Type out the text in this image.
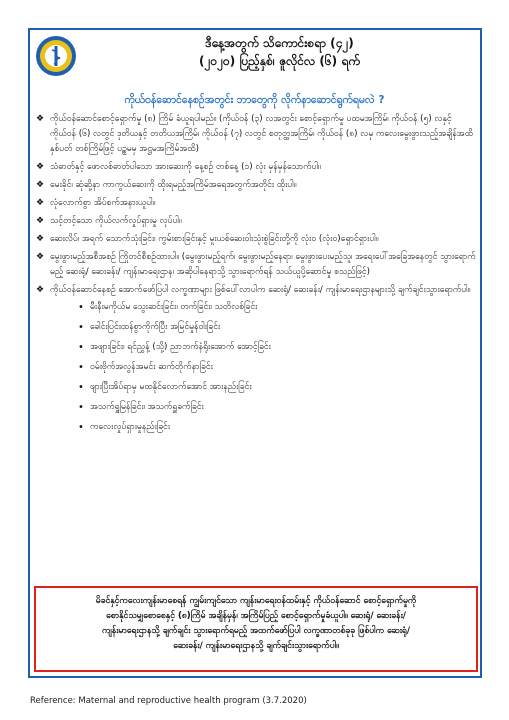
ဒီနေ့အတွက် သိကောင်းစရာ (၄၂)
(၂၀၂၀) ပြည့်နှစ်၊ ဇူလိုင်လ (၆) ရက်
ကိုယ်ဝန်ဆောင်နေစဉ်အတွင်း ဘာတွေကို လိုက်နာဆောင်ရွက်ရမလဲ ?
❖ ကိုယ်ဝန်ဆောင်စောင့်ရှောက်မှု (၈) ကြိမ် ခံယူရပါမည်။ (ကိုယ်ဝန် (၃) လအတွင်း စောင့်ရှောက်မှု ပထမအကြိမ်၊ ကိုယ်ဝန် (၅) လနှင့် ကိုယ်ဝန် (၆) လတွင် ဒုတိယနှင့် တတိယအကြိမ်၊ ကိုယ်ဝန် (၇) လတွင် စတုတ္ထအကြိမ်၊ ကိုယ်ဝန် (၈) လမှ ကလေးမွေးဖွားသည့်အချိန်အထိ နှစ်ပတ် တစ်ကြိမ်ဖြင့် ပဉ္စမမှ အဋ္ဌမအကြိမ်အထိ)
❖ သံဓာတ်နှင့် ဖောလစ်ဓာတ်ပါသော အားဆေးကို နေ့စဉ် တစ်နေ့ (၁) လုံး မှန်မှန်သောက်ပါ။
❖ မေးခိုင်၊ ဆုံဆို့နာ ကာကွယ်ဆေးကို ထိုးရမည့်အကြိမ်အရေအတွက်အတိုင်း ထိုးပါ။
❖ လုံလောက်စွာ အိပ်စက်အနားယူပါ။
❖ သင့်တင့်သော ကိုယ်လက်လှုပ်ရှားမှု လုပ်ပါ။
❖ ဆေးလိပ်၊ အရက် သောက်သုံးခြင်း၊ ကွမ်းစားခြင်းနှင့် မူးယစ်ဆေးဝါးသုံးစွဲခြင်းတို့ကို လုံးဝ (လုံးဝ)ရှောင်ရှားပါ။
❖ မွေးဖွားမည့်အစီအစဉ် ကြိုတင်စီစဉ်ထားပါ။ (မွေးဖွားမည့်ရက်၊ မွေးဖွားမည့်နေရာ၊ မွေးဖွားပေးမည့်သူ၊ အရေးပေါ်အခြေအနေတွင် သွားရောက်မည့် ဆေးရုံ/ ဆေးခန်း/ ကျန်းမာရေးဌာန၊ အဆိုပါနေရာသို့ သွားရောက်ရန် သယ်ယူပို့ဆောင်မှု စသည်ဖြင့်)
❖ ကိုယ်ဝန်ဆောင်နေစဉ် အောက်ဖော်ပြပါ လက္ခဏာများ ဖြစ်ပေါ်လာပါက ဆေးရုံ/ ဆေးခန်း/ ကျန်းမာရေးဌာနများသို့ ချက်ချင်းသွားရောက်ပါ။
• မီးနီးမကိုယ်မ သွေးဆင်းခြင်း၊ တက်ခြင်း၊ သတိလစ်ခြင်း
• ခေါင်းပြင်းထန်စွာကိုက်ပြီး အမြင်မှုန်ဝါးခြင်း
• အဖျားခြင်း၊ ရင်ညွှန့် (သို့) ညာဘက်နံရိုးအောက် အောင့်ခြင်း
• ဝမ်းဗိုက်အလွန်အမင်း ဆက်တိုက်နာခြင်း
• ဖျားပြီးအိပ်ရာမှ မထနိုင်လောက်အောင် အားနည်းခြင်း
• အသက်ရှူမြန်ခြင်း၊ အသက်ရှူခက်ခြင်း
• ကလေးလှုပ်ရှားမှုနည်းခြင်း

မိခင်နှင့်ကလေးကျန်းမာစေရန် ကျွမ်းကျင်သော ကျန်းမာရေးဝန်ထမ်းနှင့် ကိုယ်ဝန်ဆောင် စောင့်ရှောက်မှုကို

စောနိုင်သမျှစောစေနှင့် (၈)ကြိမ် အချိန်မှန်၊ အကြိမ်ပြည့် စောင့်ရှောက်မှုခံယူပါ။ ဆေးရုံ/ ဆေးခန်း/

ကျန်းမာရေးဌာနသို့ ချက်ချင်း သွားရောက်ရမည့် အထက်ဖော်ပြပါ လက္ခဏာတစ်ခုခု ဖြစ်ပါက ဆေးရုံ/

ဆေးခန်း/ ကျန်းမာရေးဌာနသို့ ချက်ချင်းသွားရောက်ပါ။

Reference: Maternal and reproductive health program (3.7.2020)
